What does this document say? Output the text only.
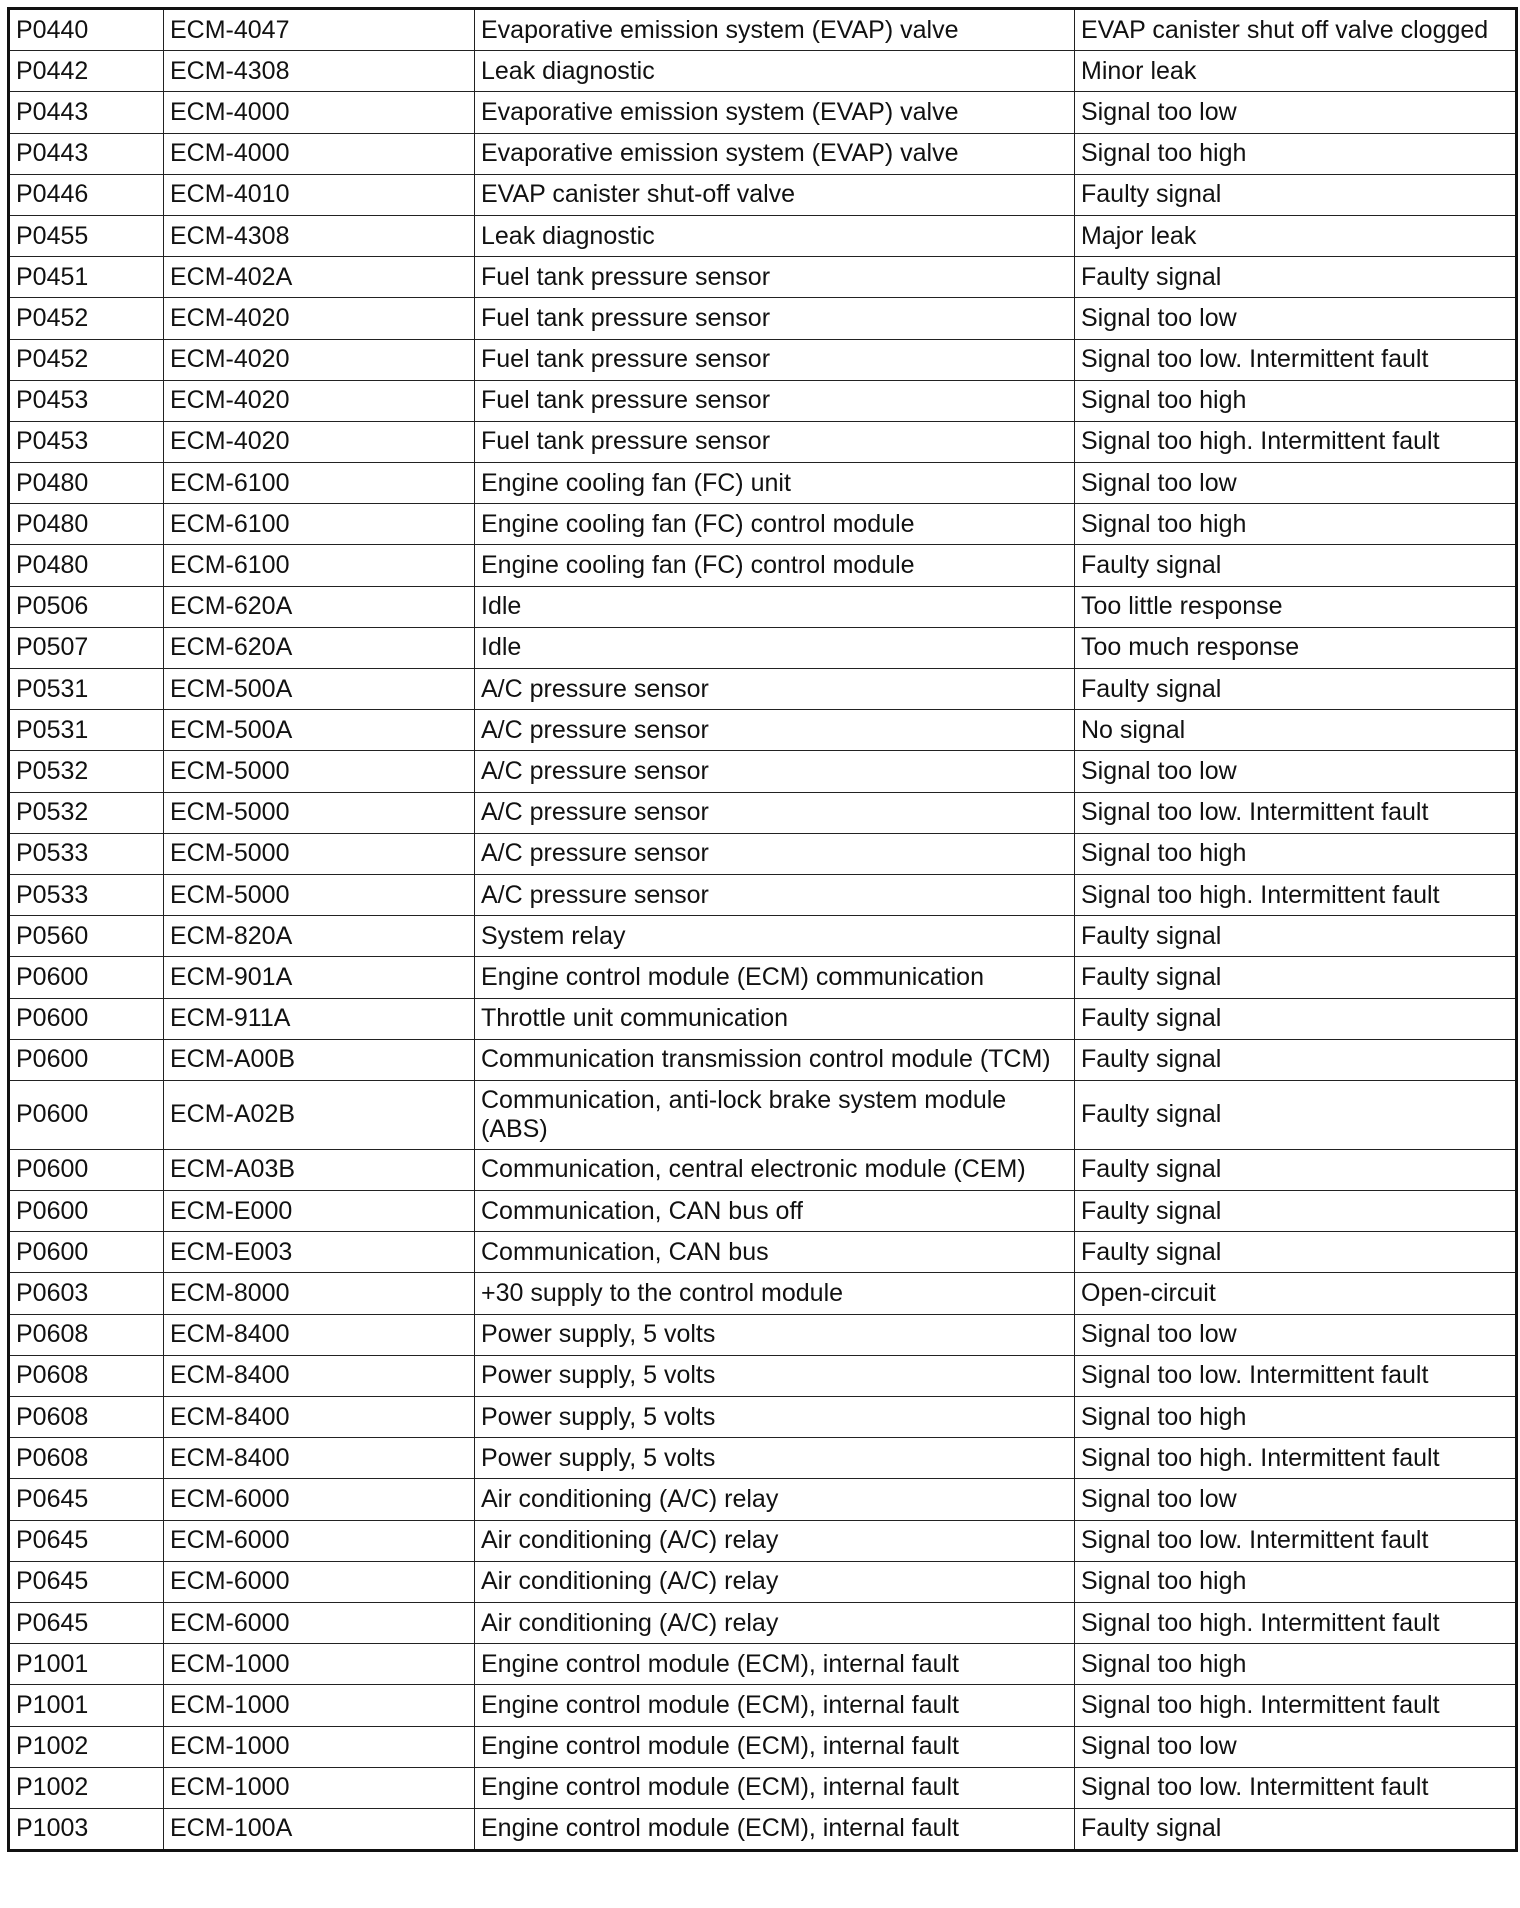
P0440	ECM-4047	Evaporative emission system (EVAP) valve	EVAP canister shut off valve clogged
P0442	ECM-4308	Leak diagnostic	Minor leak
P0443	ECM-4000	Evaporative emission system (EVAP) valve	Signal too low
P0443	ECM-4000	Evaporative emission system (EVAP) valve	Signal too high
P0446	ECM-4010	EVAP canister shut-off valve	Faulty signal
P0455	ECM-4308	Leak diagnostic	Major leak
P0451	ECM-402A	Fuel tank pressure sensor	Faulty signal
P0452	ECM-4020	Fuel tank pressure sensor	Signal too low
P0452	ECM-4020	Fuel tank pressure sensor	Signal too low. Intermittent fault
P0453	ECM-4020	Fuel tank pressure sensor	Signal too high
P0453	ECM-4020	Fuel tank pressure sensor	Signal too high. Intermittent fault
P0480	ECM-6100	Engine cooling fan (FC) unit	Signal too low
P0480	ECM-6100	Engine cooling fan (FC) control module	Signal too high
P0480	ECM-6100	Engine cooling fan (FC) control module	Faulty signal
P0506	ECM-620A	Idle	Too little response
P0507	ECM-620A	Idle	Too much response
P0531	ECM-500A	A/C pressure sensor	Faulty signal
P0531	ECM-500A	A/C pressure sensor	No signal
P0532	ECM-5000	A/C pressure sensor	Signal too low
P0532	ECM-5000	A/C pressure sensor	Signal too low. Intermittent fault
P0533	ECM-5000	A/C pressure sensor	Signal too high
P0533	ECM-5000	A/C pressure sensor	Signal too high. Intermittent fault
P0560	ECM-820A	System relay	Faulty signal
P0600	ECM-901A	Engine control module (ECM) communication	Faulty signal
P0600	ECM-911A	Throttle unit communication	Faulty signal
P0600	ECM-A00B	Communication transmission control module (TCM)	Faulty signal
P0600	ECM-A02B	Communication, anti-lock brake system module (ABS)	Faulty signal
P0600	ECM-A03B	Communication, central electronic module (CEM)	Faulty signal
P0600	ECM-E000	Communication, CAN bus off	Faulty signal
P0600	ECM-E003	Communication, CAN bus	Faulty signal
P0603	ECM-8000	+30 supply to the control module	Open-circuit
P0608	ECM-8400	Power supply, 5 volts	Signal too low
P0608	ECM-8400	Power supply, 5 volts	Signal too low. Intermittent fault
P0608	ECM-8400	Power supply, 5 volts	Signal too high
P0608	ECM-8400	Power supply, 5 volts	Signal too high. Intermittent fault
P0645	ECM-6000	Air conditioning (A/C) relay	Signal too low
P0645	ECM-6000	Air conditioning (A/C) relay	Signal too low. Intermittent fault
P0645	ECM-6000	Air conditioning (A/C) relay	Signal too high
P0645	ECM-6000	Air conditioning (A/C) relay	Signal too high. Intermittent fault
P1001	ECM-1000	Engine control module (ECM), internal fault	Signal too high
P1001	ECM-1000	Engine control module (ECM), internal fault	Signal too high. Intermittent fault
P1002	ECM-1000	Engine control module (ECM), internal fault	Signal too low
P1002	ECM-1000	Engine control module (ECM), internal fault	Signal too low. Intermittent fault
P1003	ECM-100A	Engine control module (ECM), internal fault	Faulty signal
